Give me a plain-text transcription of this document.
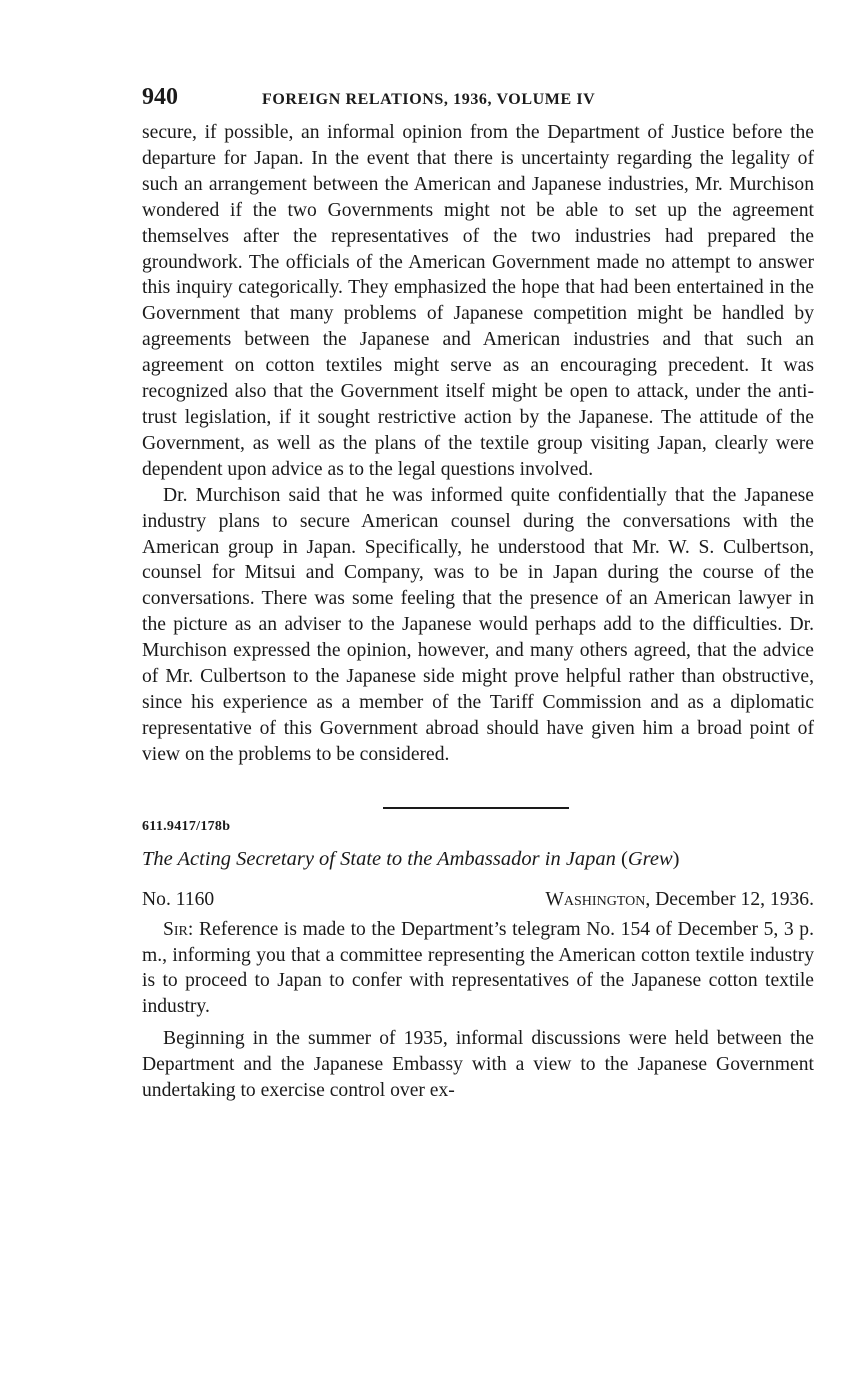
940	FOREIGN RELATIONS, 1936, VOLUME IV

secure, if possible, an informal opinion from the Department of Justice before the departure for Japan. In the event that there is uncertainty regarding the legality of such an arrangement between the American and Japanese industries, Mr. Murchison wondered if the two Governments might not be able to set up the agreement themselves after the representatives of the two industries had prepared the groundwork. The officials of the American Government made no attempt to answer this inquiry categorically. They emphasized the hope that had been entertained in the Government that many problems of Japanese competition might be handled by agreements between the Japanese and American industries and that such an agreement on cotton textiles might serve as an encouraging precedent. It was recognized also that the Government itself might be open to attack, under the anti-trust legislation, if it sought restrictive action by the Japanese. The attitude of the Government, as well as the plans of the textile group visiting Japan, clearly were dependent upon advice as to the legal questions involved.

Dr. Murchison said that he was informed quite confidentially that the Japanese industry plans to secure American counsel during the conversations with the American group in Japan. Specifically, he understood that Mr. W. S. Culbertson, counsel for Mitsui and Company, was to be in Japan during the course of the conversations. There was some feeling that the presence of an American lawyer in the picture as an adviser to the Japanese would perhaps add to the difficulties. Dr. Murchison expressed the opinion, however, and many others agreed, that the advice of Mr. Culbertson to the Japanese side might prove helpful rather than obstructive, since his experience as a member of the Tariff Commission and as a diplomatic representative of this Government abroad should have given him a broad point of view on the problems to be considered.

611.9417/178b
The Acting Secretary of State to the Ambassador in Japan (Grew)
No. 1160	Washington, December 12, 1936.

Sir: Reference is made to the Department’s telegram No. 154 of December 5, 3 p. m., informing you that a committee representing the American cotton textile industry is to proceed to Japan to confer with representatives of the Japanese cotton textile industry.

Beginning in the summer of 1935, informal discussions were held between the Department and the Japanese Embassy with a view to the Japanese Government undertaking to exercise control over ex-
